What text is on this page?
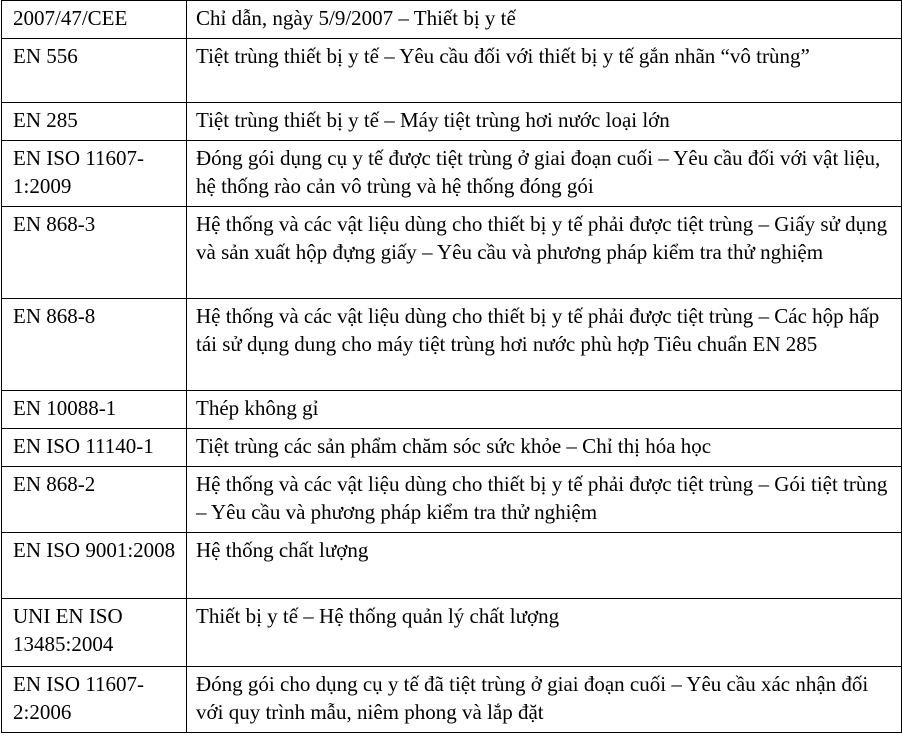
2007/47/CEE	Chỉ dẫn, ngày 5/9/2007 – Thiết bị y tế
EN 556	Tiệt trùng thiết bị y tế – Yêu cầu đối với thiết bị y tế gắn nhãn “vô trùng”
EN 285	Tiệt trùng thiết bị y tế – Máy tiệt trùng hơi nước loại lớn
EN ISO 11607-1:2009	Đóng gói dụng cụ y tế được tiệt trùng ở giai đoạn cuối – Yêu cầu đối với vật liệu, hệ thống rào cản vô trùng và hệ thống đóng gói
EN 868-3	Hệ thống và các vật liệu dùng cho thiết bị y tế phải được tiệt trùng – Giấy sử dụng và sản xuất hộp đựng giấy – Yêu cầu và phương pháp kiểm tra thử nghiệm
EN 868-8	Hệ thống và các vật liệu dùng cho thiết bị y tế phải được tiệt trùng – Các hộp hấp tái sử dụng dung cho máy tiệt trùng hơi nước phù hợp Tiêu chuẩn EN 285
EN 10088-1	Thép không gỉ
EN ISO 11140-1	Tiệt trùng các sản phẩm chăm sóc sức khỏe – Chỉ thị hóa học
EN 868-2	Hệ thống và các vật liệu dùng cho thiết bị y tế phải được tiệt trùng – Gói tiệt trùng – Yêu cầu và phương pháp kiểm tra thử nghiệm
EN ISO 9001:2008	Hệ thống chất lượng
UNI EN ISO 13485:2004	Thiết bị y tế – Hệ thống quản lý chất lượng
EN ISO 11607-2:2006	Đóng gói cho dụng cụ y tế đã tiệt trùng ở giai đoạn cuối – Yêu cầu xác nhận đối với quy trình mẫu, niêm phong và lắp đặt
